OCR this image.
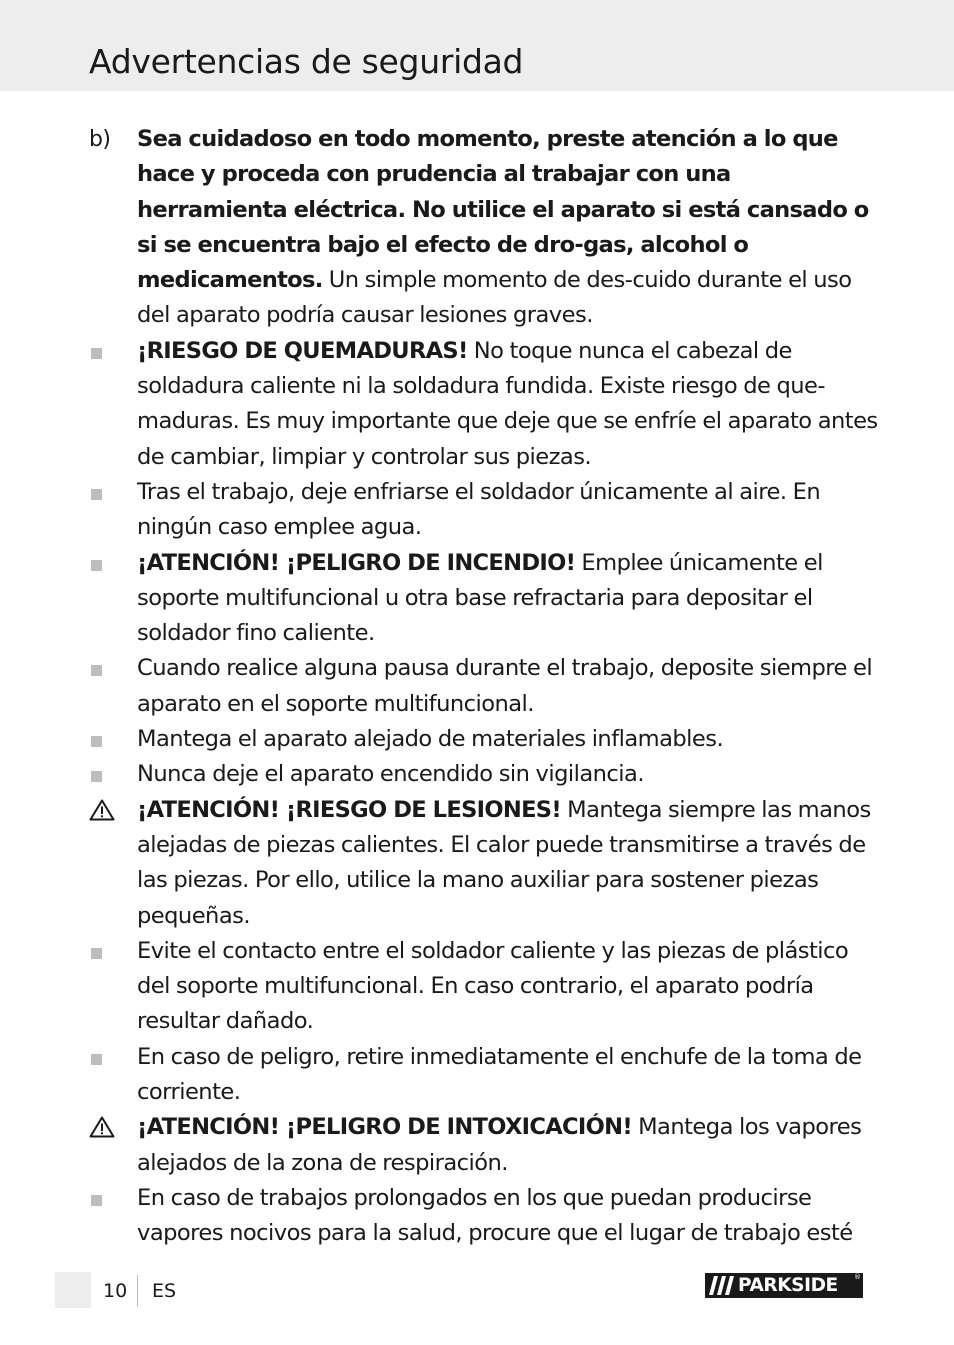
Advertencias de seguridad
b)	Sea cuidadoso en todo momento, preste atención a lo que hace y proceda con prudencia al trabajar con una herramienta eléctrica. No utilice el aparato si está cansado o si se encuentra bajo el efecto de dro-gas, alcohol o medicamentos. Un simple momento de des-cuido durante el uso del aparato podría causar lesiones graves.
¡RIESGO DE QUEMADURAS! No toque nunca el cabezal de soldadura caliente ni la soldadura fundida. Existe riesgo de que-maduras. Es muy importante que deje que se enfríe el aparato antes de cambiar, limpiar y controlar sus piezas.
Tras el trabajo, deje enfriarse el soldador únicamente al aire. En ningún caso emplee agua.
¡ATENCIÓN! ¡PELIGRO DE INCENDIO! Emplee únicamente el soporte multifuncional u otra base refractaria para depositar el soldador fino caliente.
Cuando realice alguna pausa durante el trabajo, deposite siempre el aparato en el soporte multifuncional.
Mantega el aparato alejado de materiales inflamables.
Nunca deje el aparato encendido sin vigilancia.
¡ATENCIÓN! ¡RIESGO DE LESIONES! Mantega siempre las manos alejadas de piezas calientes. El calor puede transmitirse a través de las piezas. Por ello, utilice la mano auxiliar para sostener piezas pequeñas.
Evite el contacto entre el soldador caliente y las piezas de plástico del soporte multifuncional. En caso contrario, el aparato podría resultar dañado.
En caso de peligro, retire inmediatamente el enchufe de la toma de corriente.
¡ATENCIÓN! ¡PELIGRO DE INTOXICACIÓN! Mantega los vapores alejados de la zona de respiración.
En caso de trabajos prolongados en los que puedan producirse vapores nocivos para la salud, procure que el lugar de trabajo esté
10 ES	PARKSIDE ®
